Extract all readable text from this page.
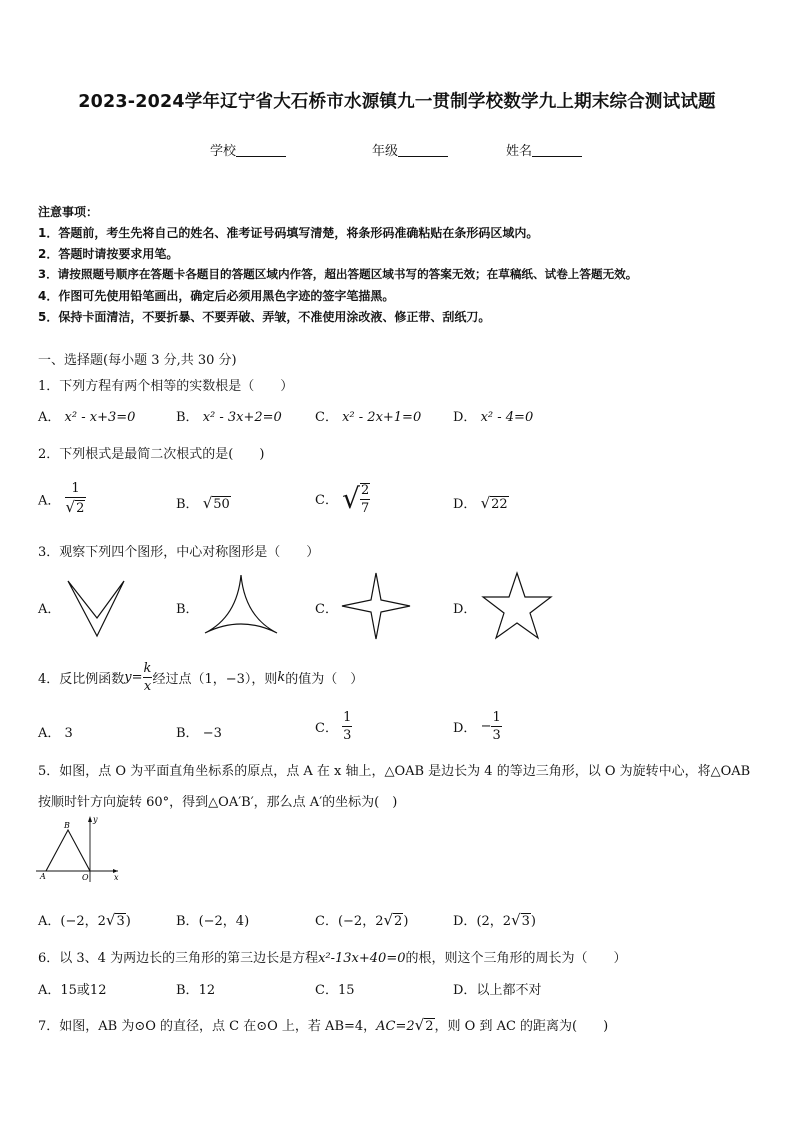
2023-2024学年辽宁省大石桥市水源镇九一贯制学校数学九上期末综合测试试题
学校	年级	姓名
注意事项：
1．答题前，考生先将自己的姓名、准考证号码填写清楚，将条形码准确粘贴在条形码区域内。
2．答题时请按要求用笔。
3．请按照题号顺序在答题卡各题目的答题区域内作答，超出答题区域书写的答案无效；在草稿纸、试卷上答题无效。
4．作图可先使用铅笔画出，确定后必须用黑色字迹的签字笔描黑。
5．保持卡面清洁，不要折暴、不要弄破、弄皱，不准使用涂改液、修正带、刮纸刀。
一、选择题(每小题 3 分,共 30 分)
1．下列方程有两个相等的实数根是（　　）
A． x² - x+3=0	B． x² - 3x+2=0	C． x² - 2x+1=0 D． x² - 4=0
2．下列根式是最简二次根式的是(　　)
A． $\frac{1}{√2}$	B． √50	C． √ $\frac{2}{7}$	D． √22
3．观察下列四个图形，中心对称图形是（　　）
A．	B．	C．	D．
4．反比例函数$y= \frac{k}{x}$ 经过点（1，−3），则k的值为（　）
A． 3	B． −3	C． $\frac{1}{3}$	D． − $\frac{1}{3}$
5．如图，点 O 为平面直角坐标系的原点，点 A 在 x 轴上，△OAB 是边长为 4 的等边三角形，以 O 为旋转中心，将△OAB
按顺时针方向旋转 60°，得到△OA′B′，那么点 A′的坐标为(　)
A
B
O	x
y
A．(−2，2√3)	B．(−2，4)	C．(−2，2√2)	D．(2，2√3)
6．以 3、4 为两边长的三角形的第三边长是方程x²-13x+40=0的根，则这个三角形的周长为（　　）
A．15或12	B．12	C．15	D．以上都不对
7．如图，AB 为⊙O 的直径，点 C 在⊙O 上，若 AB=4，AC=2√2，则 O 到 AC 的距离为(　　)
